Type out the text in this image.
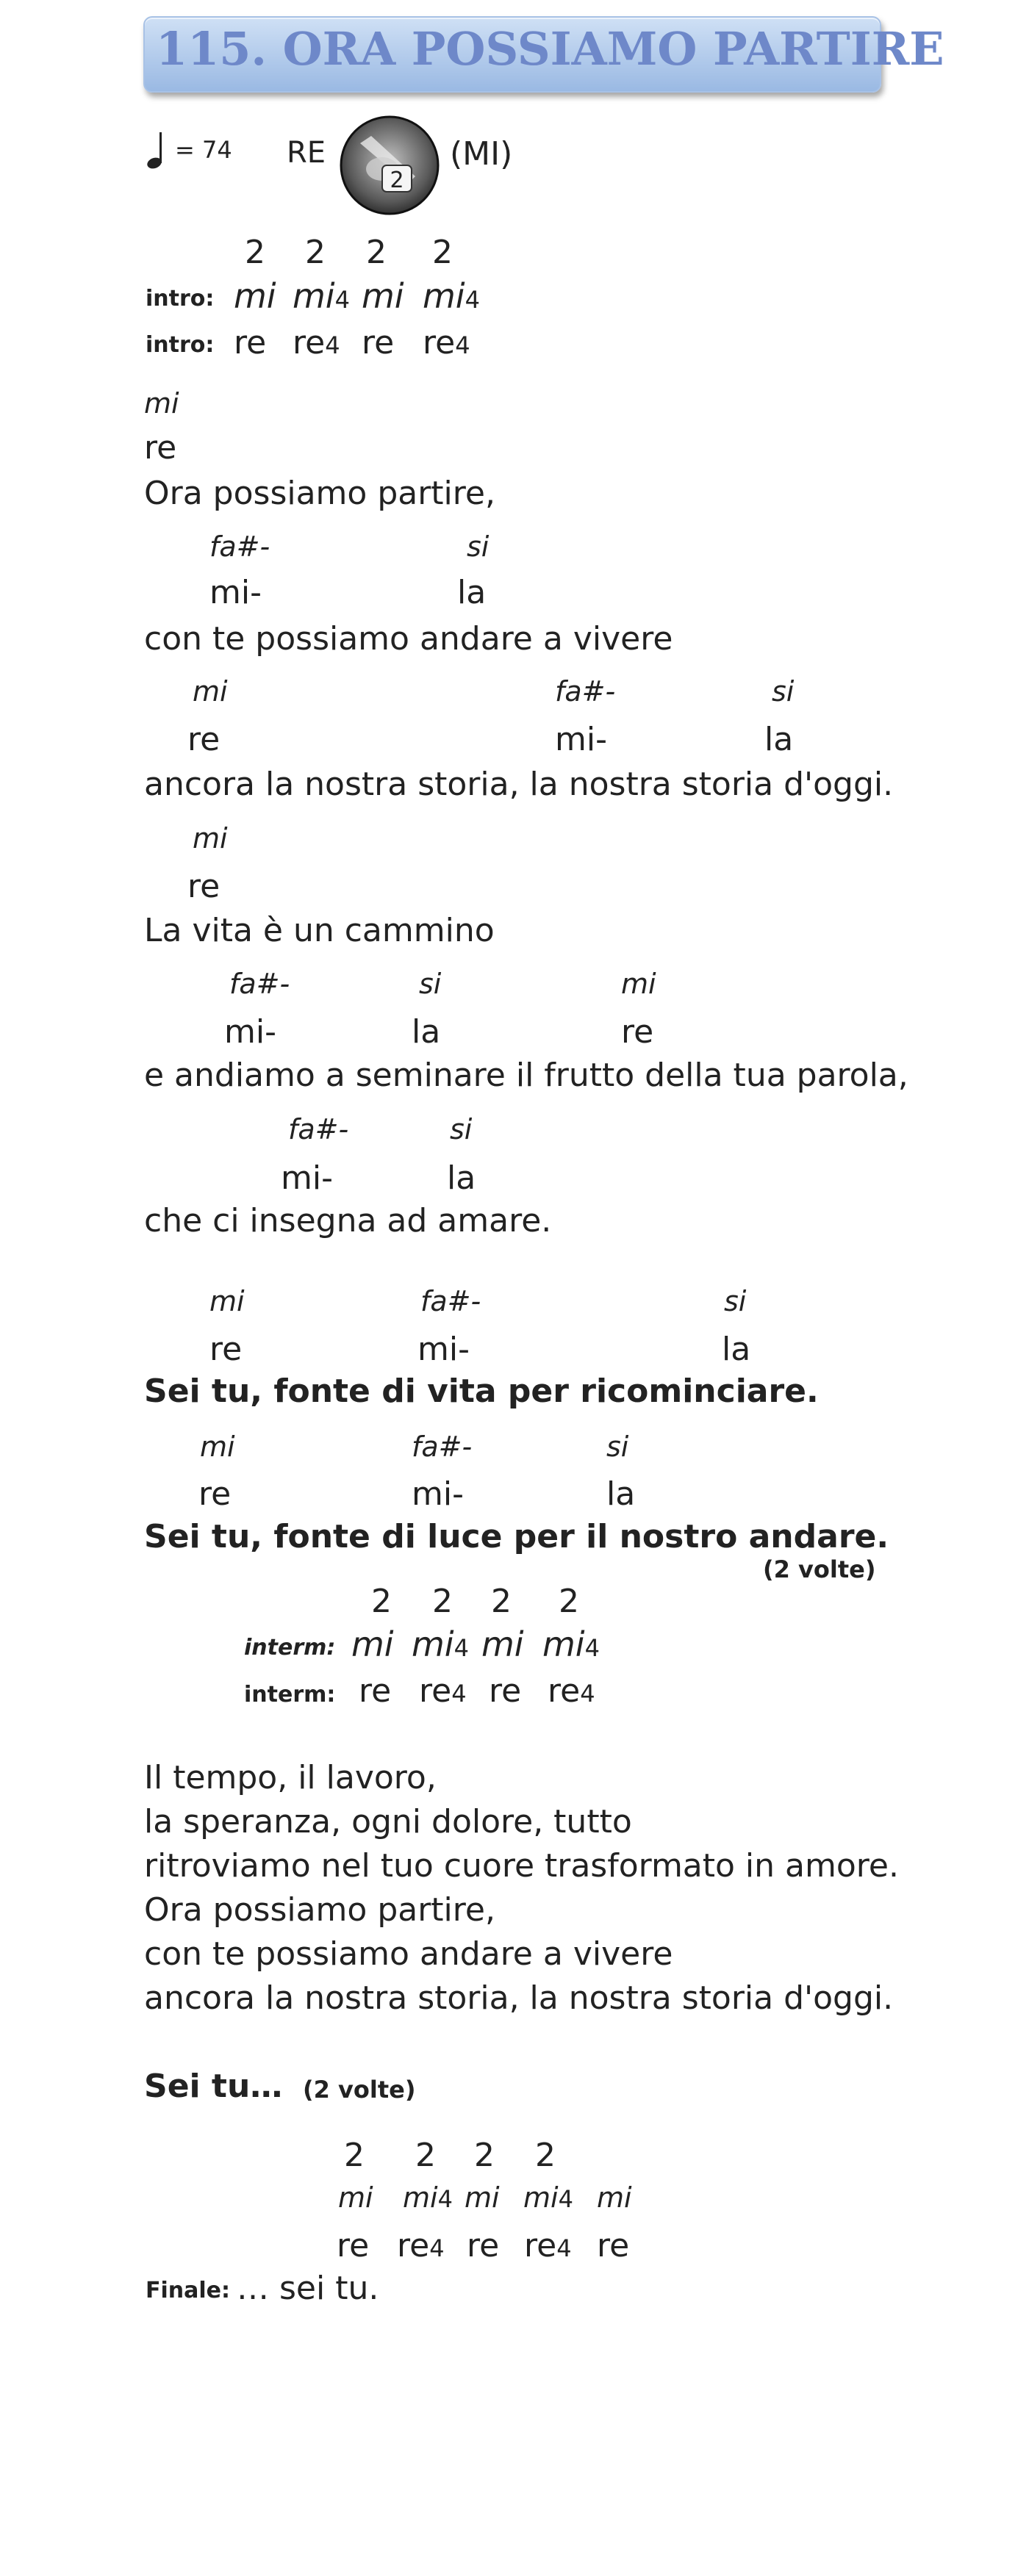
115. ORA POSSIAMO PARTIRE
= 74 RE
2
(MI)
2 2 2 2
intro: mi mi4 mi mi4
intro: re re4 re re4
mi
re
Ora possiamo partire,
fa#-	si
mi-	la
con te possiamo andare a vivere
mi	fa#-	si
re	mi-	la
ancora la nostra storia, la nostra storia d'oggi.
mi
re
La vita è un cammino
fa#-	si	mi
mi-	la	re
e andiamo a seminare il frutto della tua parola,
fa#-	si
mi-	la
che ci insegna ad amare.
mi	fa#-	si
re	mi-	la
Sei tu, fonte di vita per ricominciare.
mi	fa#-	si
re	mi-	la
Sei tu, fonte di luce per il nostro andare.
(2 volte)
2 2 2 2
interm: mi mi4 mi mi4
interm: re re4 re re4
Il tempo, il lavoro,
la speranza, ogni dolore, tutto
ritroviamo nel tuo cuore trasformato in amore.
Ora possiamo partire,
con te possiamo andare a vivere
ancora la nostra storia, la nostra storia d'oggi.
Sei tu… (2 volte)
2 2 2 2
mi mi4 mi mi4 mi
re re4 re re4 re
Finale: … sei tu.
